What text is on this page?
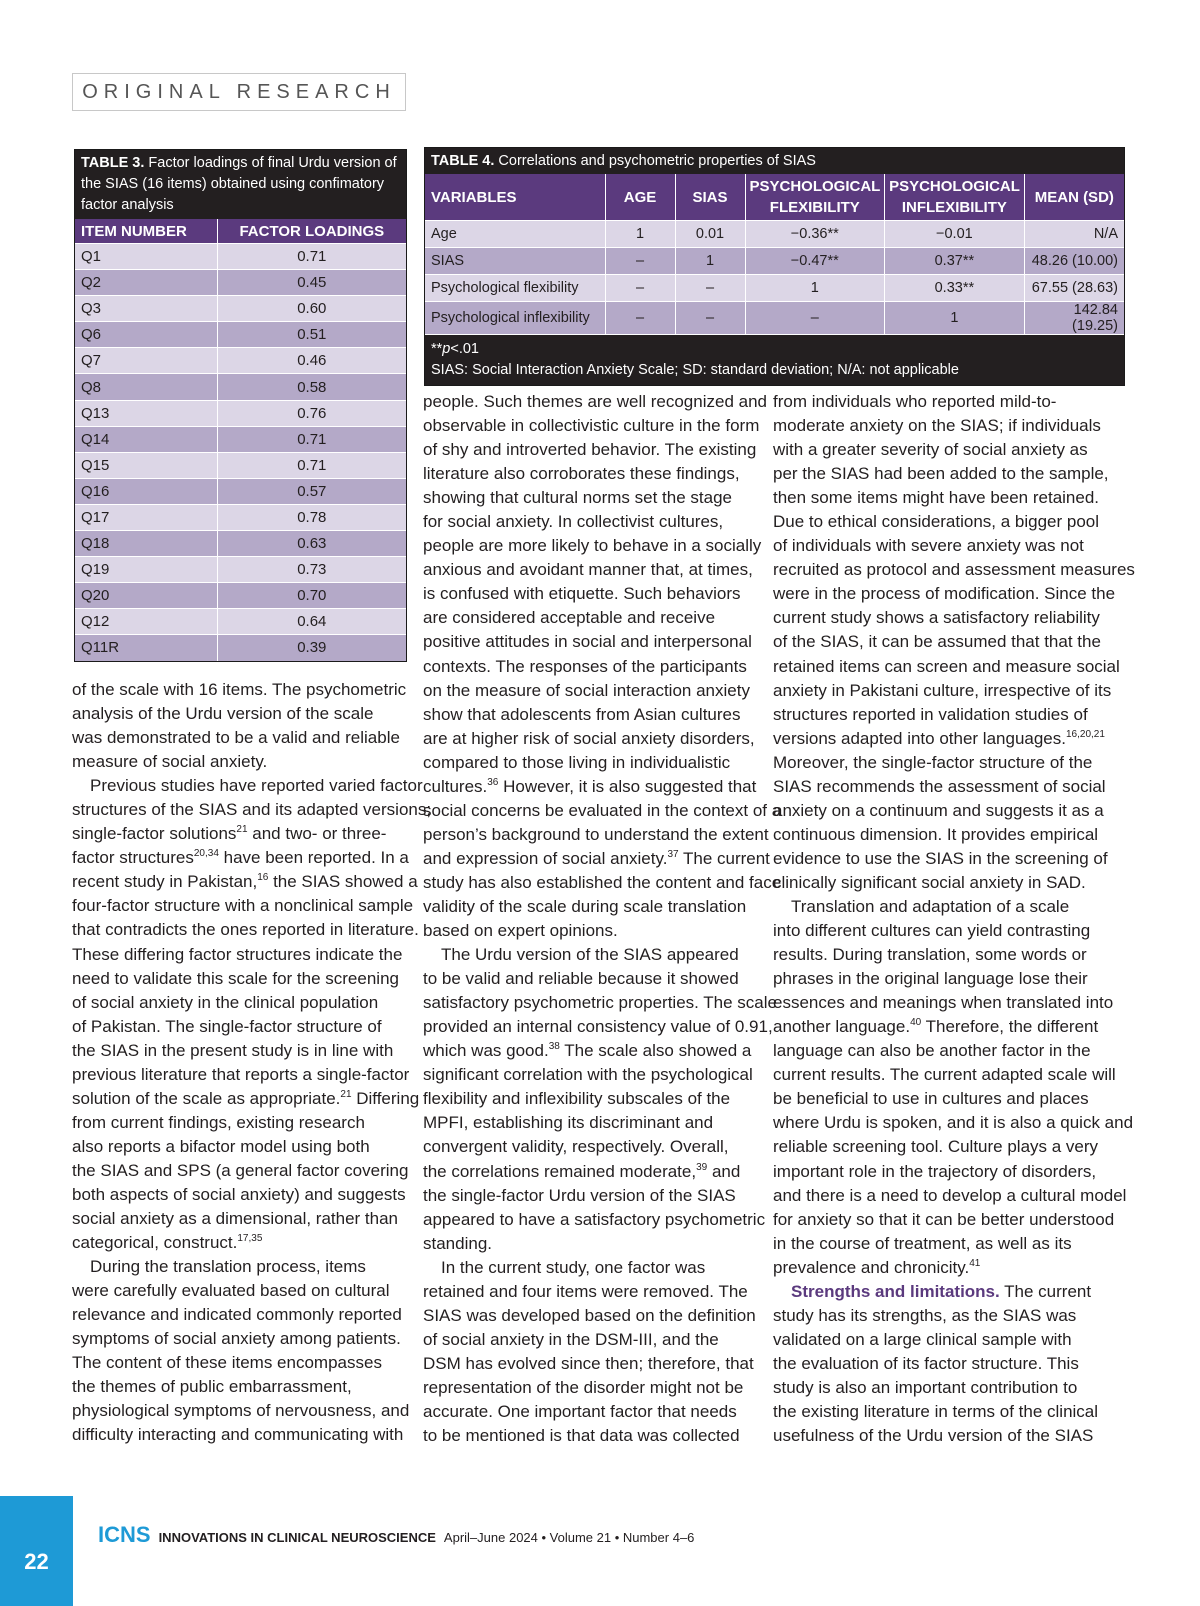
ORIGINAL RESEARCH
TABLE 3. Factor loadings of final Urdu version of the SIAS (16 items) obtained using confimatory factor analysis
ITEM NUMBER	FACTOR LOADINGS
Q1	0.71
Q2	0.45
Q3	0.60
Q6	0.51
Q7	0.46
Q8	0.58
Q13	0.76
Q14	0.71
Q15	0.71
Q16	0.57
Q17	0.78
Q18	0.63
Q19	0.73
Q20	0.70
Q12	0.64
Q11R	0.39
TABLE 4. Correlations and psychometric properties of SIAS
VARIABLES	AGE	SIAS	PSYCHOLOGICAL FLEXIBILITY	PSYCHOLOGICAL INFLEXIBILITY	MEAN (SD)
Age	1	0.01	−0.36**	−0.01	N/A
SIAS	–	1	−0.47**	0.37**	48.26 (10.00)
Psychological flexibility	–	–	1	0.33**	67.55 (28.63)
Psychological inflexibility	–	–	–	1	142.84 (19.25)
**p<.01
SIAS: Social Interaction Anxiety Scale; SD: standard deviation; N/A: not applicable
of the scale with 16 items. The psychometric
analysis of the Urdu version of the scale
was demonstrated to be a valid and reliable
measure of social anxiety.
Previous studies have reported varied factor
structures of the SIAS and its adapted versions;
single-factor solutions$^{21}$ and two- or three-
factor structures$^{20,34}$ have been reported. In a
recent study in Pakistan,$^{16}$ the SIAS showed a
four-factor structure with a nonclinical sample
that contradicts the ones reported in literature.
These differing factor structures indicate the
need to validate this scale for the screening
of social anxiety in the clinical population
of Pakistan. The single-factor structure of
the SIAS in the present study is in line with
previous literature that reports a single-factor
solution of the scale as appropriate.$^{21}$ Differing
from current findings, existing research
also reports a bifactor model using both
the SIAS and SPS (a general factor covering
both aspects of social anxiety) and suggests
social anxiety as a dimensional, rather than
categorical, construct.$^{17,35}$
During the translation process, items
were carefully evaluated based on cultural
relevance and indicated commonly reported
symptoms of social anxiety among patients.
The content of these items encompasses
the themes of public embarrassment,
physiological symptoms of nervousness, and
difficulty interacting and communicating with
people. Such themes are well recognized and
observable in collectivistic culture in the form
of shy and introverted behavior. The existing
literature also corroborates these findings,
showing that cultural norms set the stage
for social anxiety. In collectivist cultures,
people are more likely to behave in a socially
anxious and avoidant manner that, at times,
is confused with etiquette. Such behaviors
are considered acceptable and receive
positive attitudes in social and interpersonal
contexts. The responses of the participants
on the measure of social interaction anxiety
show that adolescents from Asian cultures
are at higher risk of social anxiety disorders,
compared to those living in individualistic
cultures.$^{36}$ However, it is also suggested that
social concerns be evaluated in the context of a
person’s background to understand the extent
and expression of social anxiety.$^{37}$ The current
study has also established the content and face
validity of the scale during scale translation
based on expert opinions.
The Urdu version of the SIAS appeared
to be valid and reliable because it showed
satisfactory psychometric properties. The scale
provided an internal consistency value of 0.91,
which was good.$^{38}$ The scale also showed a
significant correlation with the psychological
flexibility and inflexibility subscales of the
MPFI, establishing its discriminant and
convergent validity, respectively. Overall,
the correlations remained moderate,$^{39}$ and
the single-factor Urdu version of the SIAS
appeared to have a satisfactory psychometric
standing.
In the current study, one factor was
retained and four items were removed. The
SIAS was developed based on the definition
of social anxiety in the DSM-III, and the
DSM has evolved since then; therefore, that
representation of the disorder might not be
accurate. One important factor that needs
to be mentioned is that data was collected
from individuals who reported mild-to-
moderate anxiety on the SIAS; if individuals
with a greater severity of social anxiety as
per the SIAS had been added to the sample,
then some items might have been retained.
Due to ethical considerations, a bigger pool
of individuals with severe anxiety was not
recruited as protocol and assessment measures
were in the process of modification. Since the
current study shows a satisfactory reliability
of the SIAS, it can be assumed that that the
retained items can screen and measure social
anxiety in Pakistani culture, irrespective of its
structures reported in validation studies of
versions adapted into other languages.$^{16,20,21}$
Moreover, the single-factor structure of the
SIAS recommends the assessment of social
anxiety on a continuum and suggests it as a
continuous dimension. It provides empirical
evidence to use the SIAS in the screening of
clinically significant social anxiety in SAD.
Translation and adaptation of a scale
into different cultures can yield contrasting
results. During translation, some words or
phrases in the original language lose their
essences and meanings when translated into
another language.$^{40}$ Therefore, the different
language can also be another factor in the
current results. The current adapted scale will
be beneficial to use in cultures and places
where Urdu is spoken, and it is also a quick and
reliable screening tool. Culture plays a very
important role in the trajectory of disorders,
and there is a need to develop a cultural model
for anxiety so that it can be better understood
in the course of treatment, as well as its
prevalence and chronicity.$^{41}$
Strengths and limitations. The current
study has its strengths, as the SIAS was
validated on a large clinical sample with
the evaluation of its factor structure. This
study is also an important contribution to
the existing literature in terms of the clinical
usefulness of the Urdu version of the SIAS
22
ICNS INNOVATIONS IN CLINICAL NEUROSCIENCE April–June 2024 • Volume 21 • Number 4–6
